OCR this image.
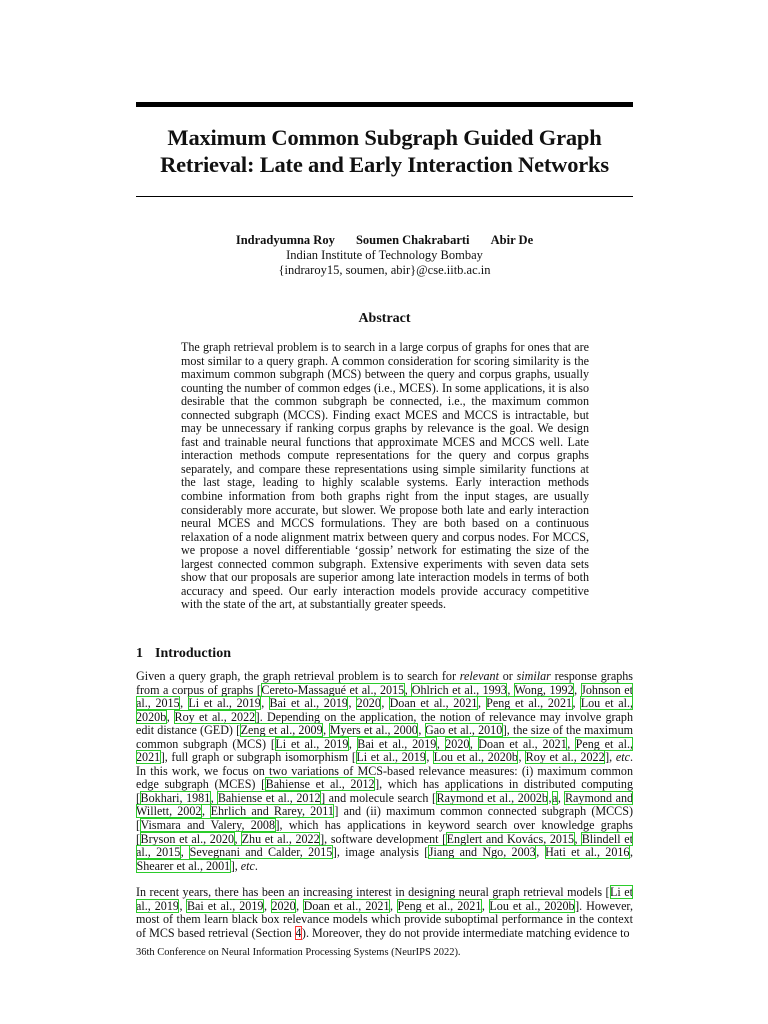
Maximum Common Subgraph Guided Graph Retrieval: Late and Early Interaction Networks
Indradyumna Roy Soumen Chakrabarti Abir De
Indian Institute of Technology Bombay
{indraroy15, soumen, abir}@cse.iitb.ac.in
Abstract
The graph retrieval problem is to search in a large corpus of graphs for ones that are most similar to a query graph. A common consideration for scoring similarity is the maximum common subgraph (MCS) between the query and corpus graphs, usually counting the number of common edges (i.e., MCES). In some applications, it is also desirable that the common subgraph be connected, i.e., the maximum common connected subgraph (MCCS). Finding exact MCES and MCCS is intractable, but may be unnecessary if ranking corpus graphs by relevance is the goal. We design fast and trainable neural functions that approximate MCES and MCCS well. Late interaction methods compute representations for the query and corpus graphs separately, and compare these representations using simple similarity functions at the last stage, leading to highly scalable systems. Early interaction methods combine information from both graphs right from the input stages, are usually considerably more accurate, but slower. We propose both late and early interaction neural MCES and MCCS formulations. They are both based on a continuous relaxation of a node alignment matrix between query and corpus nodes. For MCCS, we propose a novel differentiable ‘gossip’ network for estimating the size of the largest connected common subgraph. Extensive experiments with seven data sets show that our proposals are superior among late interaction models in terms of both accuracy and speed. Our early interaction models provide accuracy competitive with the state of the art, at substantially greater speeds.
1 Introduction
Given a query graph, the graph retrieval problem is to search for relevant or similar response graphs from a corpus of graphs [Cereto-Massagué et al., 2015, Ohlrich et al., 1993, Wong, 1992, Johnson et al., 2015, Li et al., 2019, Bai et al., 2019, 2020, Doan et al., 2021, Peng et al., 2021, Lou et al., 2020b, Roy et al., 2022]. Depending on the application, the notion of relevance may involve graph edit distance (GED) [Zeng et al., 2009, Myers et al., 2000, Gao et al., 2010], the size of the maximum common subgraph (MCS) [Li et al., 2019, Bai et al., 2019, 2020, Doan et al., 2021, Peng et al., 2021], full graph or subgraph isomorphism [Li et al., 2019, Lou et al., 2020b, Roy et al., 2022], etc. In this work, we focus on two variations of MCS-based relevance measures: (i) maximum common edge subgraph (MCES) [Bahiense et al., 2012], which has applications in distributed computing [Bokhari, 1981, Bahiense et al., 2012] and molecule search [Raymond et al., 2002b,a, Raymond and Willett, 2002, Ehrlich and Rarey, 2011] and (ii) maximum common connected subgraph (MCCS) [Vismara and Valery, 2008], which has applications in keyword search over knowledge graphs [Bryson et al., 2020, Zhu et al., 2022], software development [Englert and Kovács, 2015, Blindell et al., 2015, Sevegnani and Calder, 2015], image analysis [Jiang and Ngo, 2003, Hati et al., 2016, Shearer et al., 2001], etc.
In recent years, there has been an increasing interest in designing neural graph retrieval models [Li et al., 2019, Bai et al., 2019, 2020, Doan et al., 2021, Peng et al., 2021, Lou et al., 2020b]. However, most of them learn black box relevance models which provide suboptimal performance in the context of MCS based retrieval (Section 4). Moreover, they do not provide intermediate matching evidence to
36th Conference on Neural Information Processing Systems (NeurIPS 2022).
